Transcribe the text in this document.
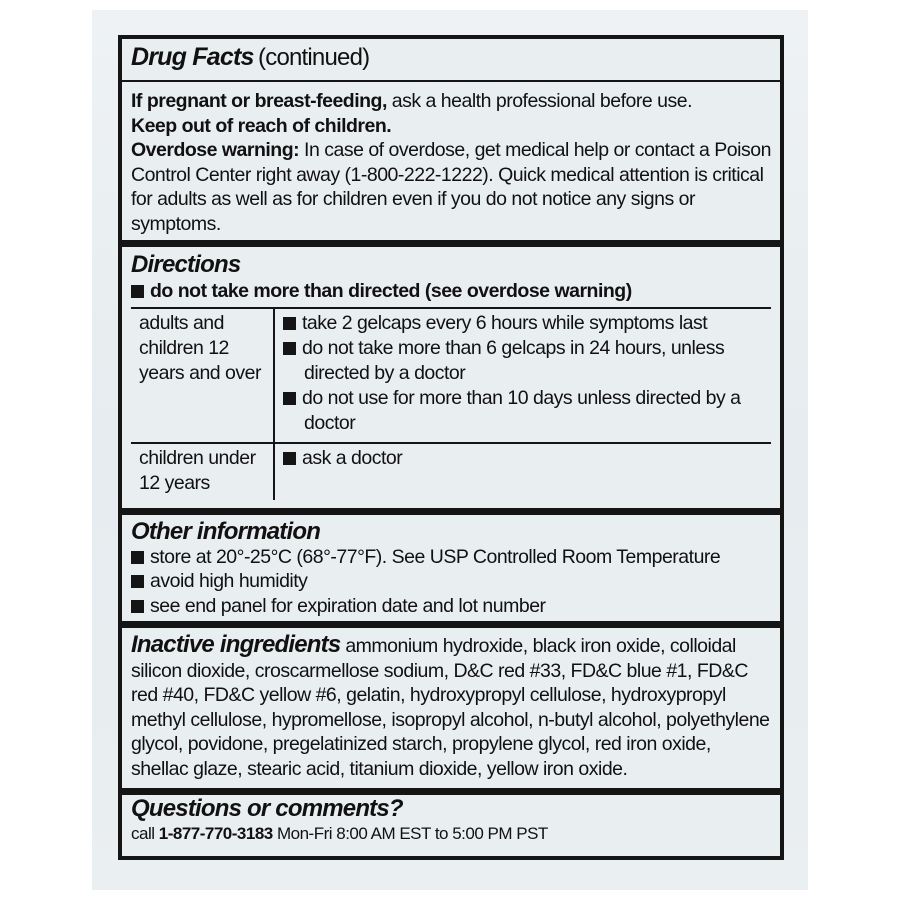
Drug Facts (continued)
If pregnant or breast-feeding, ask a health professional before use.
Keep out of reach of children.
Overdose warning: In case of overdose, get medical help or contact a Poison Control Center right away (1-800-222-1222). Quick medical attention is critical for adults as well as for children even if you do not notice any signs or symptoms.
Directions
do not take more than directed (see overdose warning)
adults and children 12 years and over	take 2 gelcaps every 6 hours while symptoms last
do not take more than 6 gelcaps in 24 hours, unless directed by a doctor
do not use for more than 10 days unless directed by a doctor

children under 12 years	ask a doctor
Other information
store at 20°-25°C (68°-77°F). See USP Controlled Room Temperature
avoid high humidity
see end panel for expiration date and lot number
Inactive ingredients ammonium hydroxide, black iron oxide, colloidal silicon dioxide, croscarmellose sodium, D&C red #33, FD&C blue #1, FD&C red #40, FD&C yellow #6, gelatin, hydroxypropyl cellulose, hydroxypropyl methyl cellulose, hypromellose, isopropyl alcohol, n-butyl alcohol, polyethylene glycol, povidone, pregelatinized starch, propylene glycol, red iron oxide, shellac glaze, stearic acid, titanium dioxide, yellow iron oxide.
Questions or comments?
call 1-877-770-3183 Mon-Fri 8:00 AM EST to 5:00 PM PST
